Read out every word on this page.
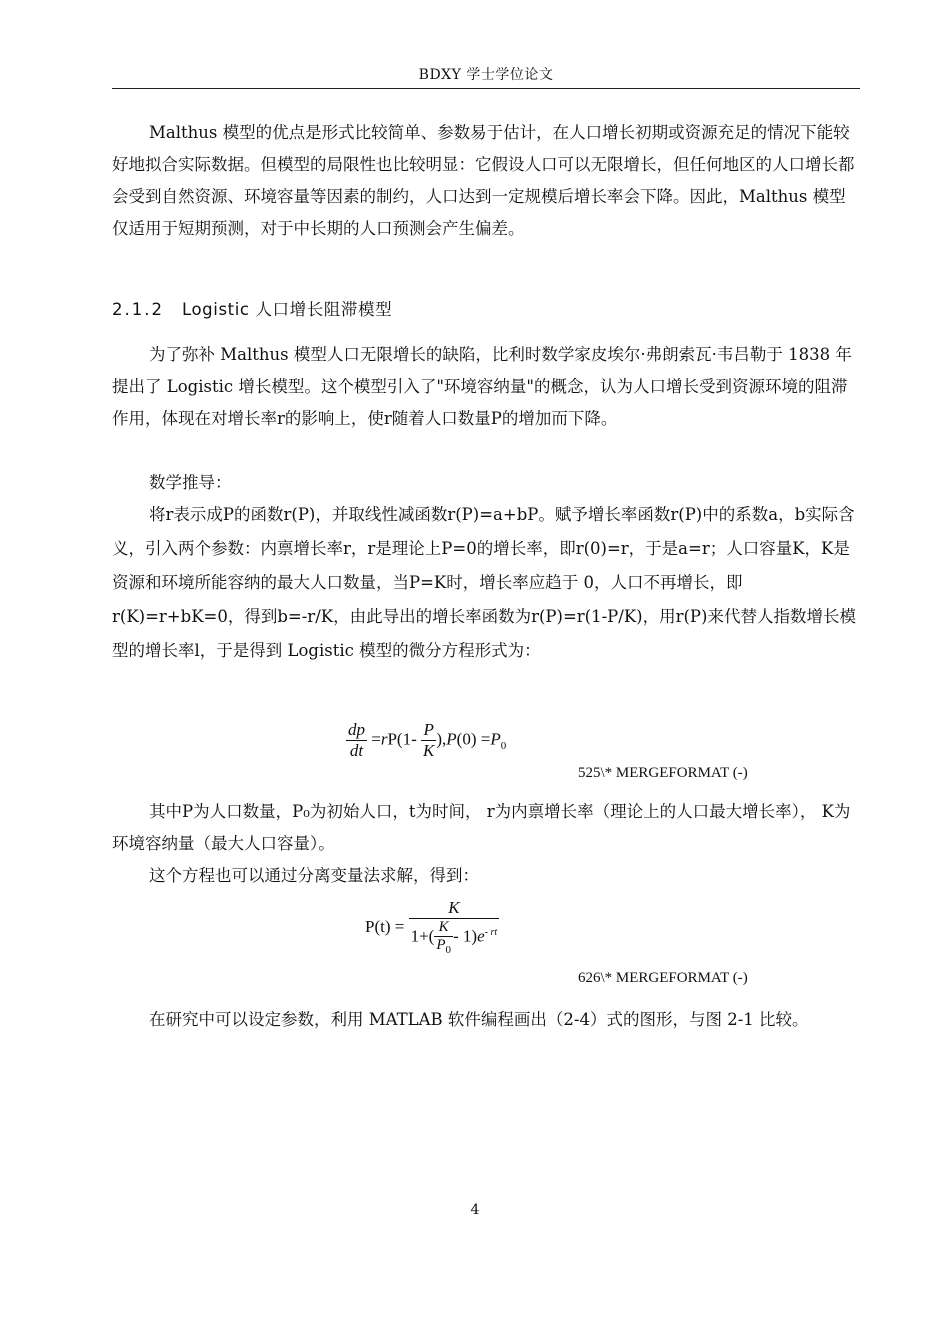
BDXY 学士学位论文

Malthus 模型的优点是形式比较简单、参数易于估计，在人口增长初期或资源充足的情况下能较好地拟合实际数据。但模型的局限性也比较明显：它假设人口可以无限增长，但任何地区的人口增长都会受到自然资源、环境容量等因素的制约，人口达到一定规模后增长率会下降。因此，Malthus 模型仅适用于短期预测，对于中长期的人口预测会产生偏差。

2.1.2 Logistic 人口增长阻滞模型

为了弥补 Malthus 模型人口无限增长的缺陷，比利时数学家皮埃尔·弗朗索瓦·韦吕勒于 1838 年提出了 Logistic 增长模型。这个模型引入了"环境容纳量"的概念，认为人口增长受到资源环境的阻滞作用，体现在对增长率r的影响上，使r随着人口数量P的增加而下降。

数学推导：

将r表示成P的函数r(P)，并取线性减函数r(P)=a+bP。赋予增长率函数r(P)中的系数a，b实际含义，引入两个参数：内禀增长率r，r是理论上P=0的增长率，即r(0)=r，于是a=r；人口容量K，K是资源和环境所能容纳的最大人口数量，当P=K时，增长率应趋于 0，人口不再增长，即r(K)=r+bK=0，得到b=-r/K，由此导出的增长率函数为r(P)=r(1-P/K)，用r(P)来代替人指数增长模型的增长率l，于是得到 Logistic 模型的微分方程形式为：

$\frac{dp}{dt} =rP(1- \frac{P}{K} ),P(0) =P_0$
525\* MERGEFORMAT (-)

其中P为人口数量，P₀为初始人口，t为时间， r为内禀增长率（理论上的人口最大增长率）， K为环境容纳量（最大人口容量）。

这个方程也可以通过分离变量法求解，得到：

$P(t) = \frac{K}{1+( \frac{K}{P_0} - 1)e^{- rt}}$
626\* MERGEFORMAT (-)

在研究中可以设定参数，利用 MATLAB 软件编程画出（2-4）式的图形，与图 2-1 比较。

4
